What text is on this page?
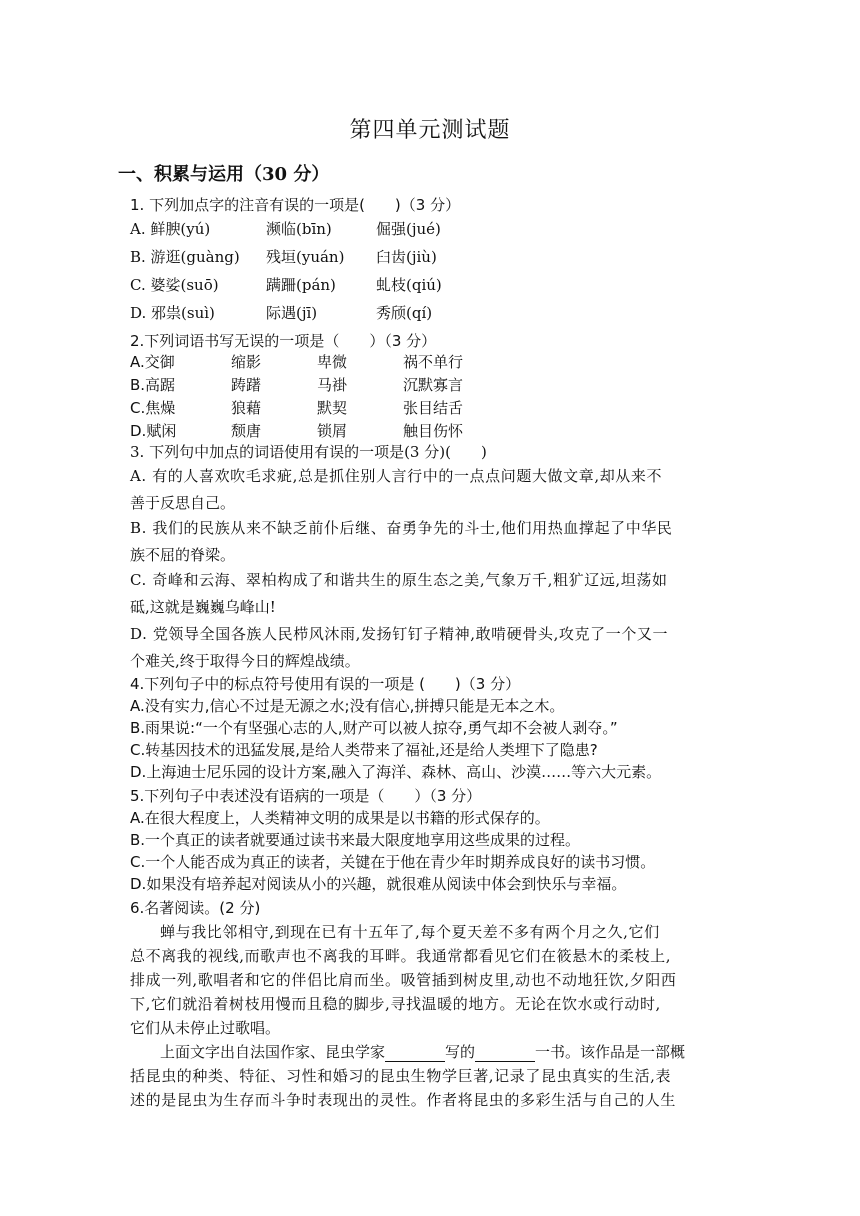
第四单元测试题
一、积累与运用（30 分）
1. 下列加点字的注音有误的一项是(　　)（3 分）
A. 鲜腴(yú)	濒临(bīn)	倔强(jué)
B. 游逛(guàng) 残垣(yuán) 臼齿(jiù)
C. 婆娑(suō)	蹒跚(pán)	虬枝(qiú)
D. 邪祟(suì)	际遇(jī)	秀颀(qí)
2.下列词语书写无误的一项是（　　）（3 分）
A.交御	缩影	卑微	祸不单行
B.高踞	踌躇	马褂	沉默寡言
C.焦燥	狼藉	默契	张目结舌
D.赋闲	颓唐	锁屑	触目伤怀
3. 下列句中加点的词语使用有误的一项是(3 分)(　　)
A. 有的人喜欢吹毛求疵,总是抓住别人言行中的一点点问题大做文章,却从来不
善于反思自己。
B. 我们的民族从来不缺乏前仆后继、奋勇争先的斗士,他们用热血撑起了中华民
族不屈的脊梁。
C. 奇峰和云海、翠柏构成了和谐共生的原生态之美,气象万千,粗犷辽远,坦荡如
砥,这就是巍巍乌峰山!
D. 党领导全国各族人民栉风沐雨,发扬钉钉子精神,敢啃硬骨头,攻克了一个又一
个难关,终于取得今日的辉煌战绩。
4.下列句子中的标点符号使用有误的一项是 (　　)（3 分）
A.没有实力,信心不过是无源之水;没有信心,拼搏只能是无本之木。
B.雨果说:“一个有坚强心志的人,财产可以被人掠夺,勇气却不会被人剥夺。”
C.转基因技术的迅猛发展,是给人类带来了福祉,还是给人类埋下了隐患?
D.上海迪士尼乐园的设计方案,融入了海洋、森林、高山、沙漠……等六大元素。
5.下列句子中表述没有语病的一项是（　　）（3 分）
A.在很大程度上，人类精神文明的成果是以书籍的形式保存的。
B.一个真正的读者就要通过读书来最大限度地享用这些成果的过程。
C.一个人能否成为真正的读者，关键在于他在青少年时期养成良好的读书习惯。
D.如果没有培养起对阅读从小的兴趣，就很难从阅读中体会到快乐与幸福。
6.名著阅读。(2 分)
蝉与我比邻相守,到现在已有十五年了,每个夏天差不多有两个月之久,它们
总不离我的视线,而歌声也不离我的耳畔。我通常都看见它们在筱悬木的柔枝上,
排成一列,歌唱者和它的伴侣比肩而坐。吸管插到树皮里,动也不动地狂饮,夕阳西
下,它们就沿着树枝用慢而且稳的脚步,寻找温暖的地方。无论在饮水或行动时,
它们从未停止过歌唱。
上面文字出自法国作家、昆虫学家	写的	一书。该作品是一部概
括昆虫的种类、特征、习性和婚习的昆虫生物学巨著,记录了昆虫真实的生活,表
述的是昆虫为生存而斗争时表现出的灵性。作者将昆虫的多彩生活与自己的人生
